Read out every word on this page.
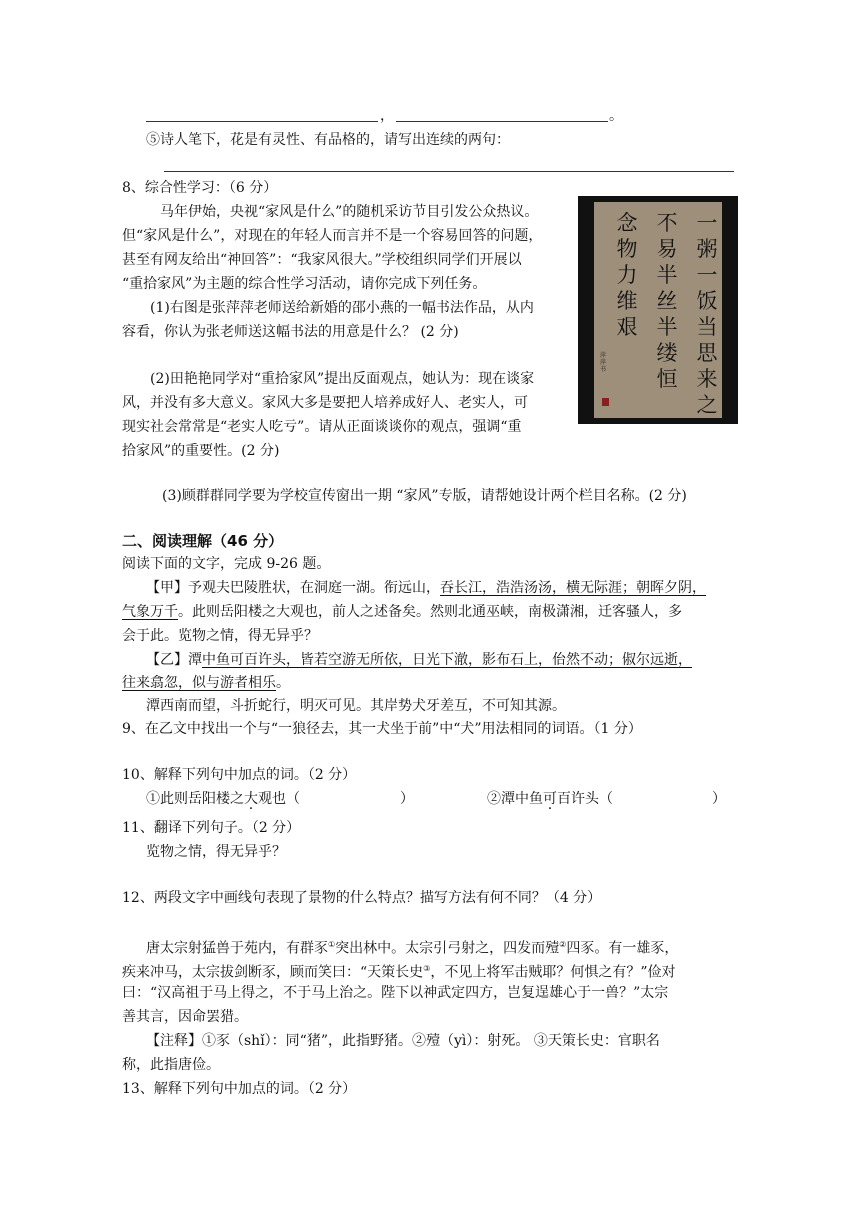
，	。
⑤诗人笔下，花是有灵性、有品格的，请写出连续的两句：
8、综合性学习：（6 分）
马年伊始，央视“家风是什么”的随机采访节目引发公众热议。
但“家风是什么”，对现在的年轻人而言并不是一个容易回答的问题，
甚至有网友给出“神回答”：“我家风很大。”学校组织同学们开展以
“重拾家风”为主题的综合性学习活动，请你完成下列任务。
(1)右图是张萍萍老师送给新婚的邵小燕的一幅书法作品，从内
容看，你认为张老师送这幅书法的用意是什么？ (2 分)
(2)田艳艳同学对“重拾家风”提出反面观点，她认为：现在谈家
风，并没有多大意义。家风大多是要把人培养成好人、老实人，可
现实社会常常是“老实人吃亏”。请从正面谈谈你的观点，强调“重
拾家风”的重要性。(2 分)
(3)顾群群同学要为学校宣传窗出一期 “家风”专版，请帮她设计两个栏目名称。(2 分)
一粥一饭当思来之
不易半丝半缕恒
念物力维艰
萍萍书
二、阅读理解（46 分）
阅读下面的文字，完成 9-26 题。
【甲】予观夫巴陵胜状，在洞庭一湖。衔远山，吞长江，浩浩汤汤，横无际涯；朝晖夕阴，
气象万千。此则岳阳楼之大观也，前人之述备矣。然则北通巫峡，南极潇湘，迁客骚人，多
会于此。览物之情，得无异乎？
【乙】潭中鱼可百许头，皆若空游无所依，日光下澈，影布石上，佁然不动；俶尔远逝，
往来翕忽，似与游者相乐。
潭西南而望，斗折蛇行，明灭可见。其岸势犬牙差互，不可知其源。
9、在乙文中找出一个与“一狼径去，其一犬坐于前”中“犬”用法相同的词语。（1 分）
10、解释下列句中加点的词。（2 分）
①此则岳阳楼之大观也（	）	②潭中鱼可百许头（	）
11、翻译下列句子。（2 分）
览物之情，得无异乎？
12、两段文字中画线句表现了景物的什么特点？描写方法有何不同？（4 分）
唐太宗射猛兽于苑内，有群豕①突出林中。太宗引弓射之，四发而殪②四豕。有一雄豕，
疾来冲马，太宗拔剑断豕，顾而笑曰：“天策长史③，不见上将军击贼耶？何惧之有？”俭对
曰：“汉高祖于马上得之，不于马上治之。陛下以神武定四方，岂复逞雄心于一兽？”太宗
善其言，因命罢猎。
【注释】①豕（shǐ）：同“猪”，此指野猪。②殪（yì）：射死。 ③天策长史：官职名
称，此指唐俭。
13、解释下列句中加点的词。（2 分）
